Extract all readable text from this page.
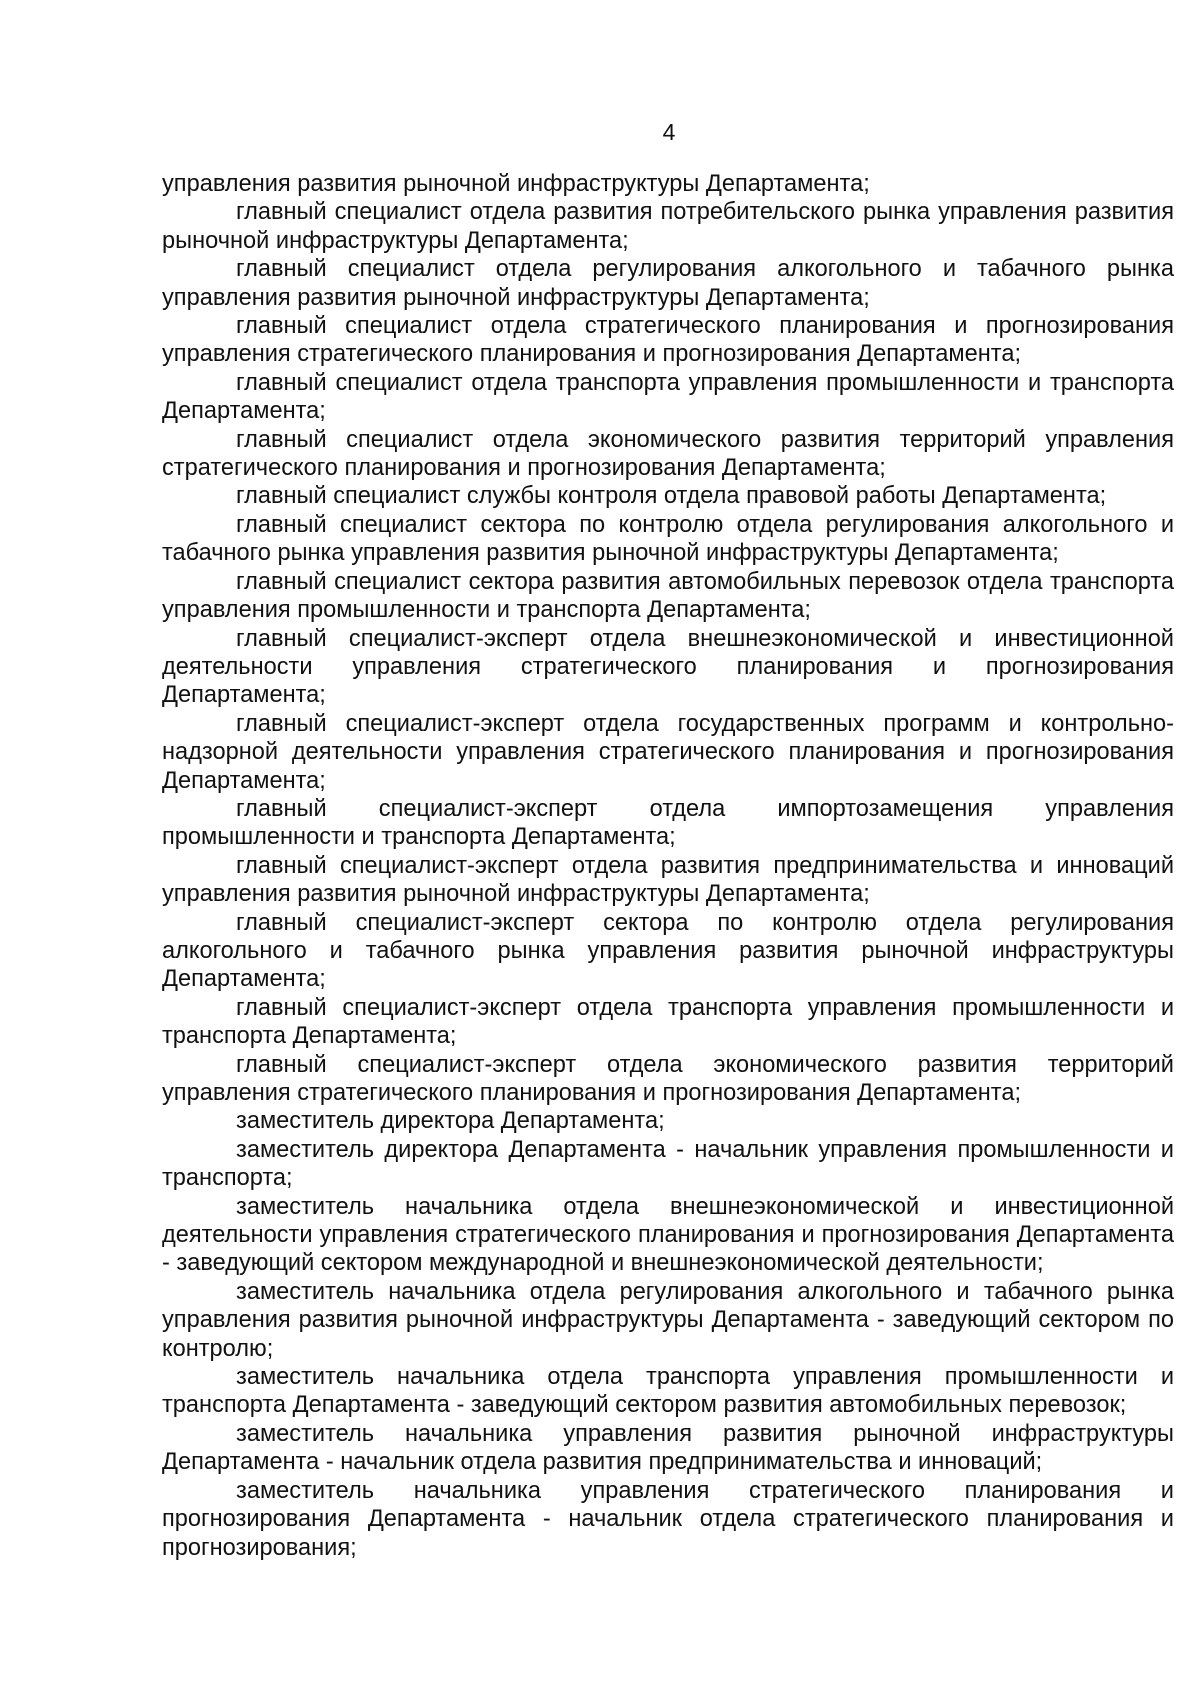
4

управления развития рыночной инфраструктуры Департамента;

главный специалист отдела развития потребительского рынка управления развития рыночной инфраструктуры Департамента;

главный специалист отдела регулирования алкогольного и табачного рынка управления развития рыночной инфраструктуры Департамента;

главный специалист отдела стратегического планирования и прогнозирования управления стратегического планирования и прогнозирования Департамента;

главный специалист отдела транспорта управления промышленности и транспорта Департамента;

главный специалист отдела экономического развития территорий управления стратегического планирования и прогнозирования Департамента;

главный специалист службы контроля отдела правовой работы Департамента;

главный специалист сектора по контролю отдела регулирования алкогольного и табачного рынка управления развития рыночной инфраструктуры Департамента;

главный специалист сектора развития автомобильных перевозок отдела транспорта управления промышленности и транспорта Департамента;

главный специалист-эксперт отдела внешнеэкономической и инвестиционной деятельности управления стратегического планирования и прогнозирования Департамента;

главный специалист-эксперт отдела государственных программ и контрольно-надзорной деятельности управления стратегического планирования и прогнозирования Департамента;

главный специалист-эксперт отдела импортозамещения управления промышленности и транспорта Департамента;

главный специалист-эксперт отдела развития предпринимательства и инноваций управления развития рыночной инфраструктуры Департамента;

главный специалист-эксперт сектора по контролю отдела регулирования алкогольного и табачного рынка управления развития рыночной инфраструктуры Департамента;

главный специалист-эксперт отдела транспорта управления промышленности и транспорта Департамента;

главный специалист-эксперт отдела экономического развития территорий управления стратегического планирования и прогнозирования Департамента;

заместитель директора Департамента;

заместитель директора Департамента - начальник управления промышленности и транспорта;

заместитель начальника отдела внешнеэкономической и инвестиционной деятельности управления стратегического планирования и прогнозирования Департамента - заведующий сектором международной и внешнеэкономической деятельности;

заместитель начальника отдела регулирования алкогольного и табачного рынка управления развития рыночной инфраструктуры Департамента - заведующий сектором по контролю;

заместитель начальника отдела транспорта управления промышленности и транспорта Департамента - заведующий сектором развития автомобильных перевозок;

заместитель начальника управления развития рыночной инфраструктуры Департамента - начальник отдела развития предпринимательства и инноваций;

заместитель начальника управления стратегического планирования и прогнозирования Департамента - начальник отдела стратегического планирования и прогнозирования;
